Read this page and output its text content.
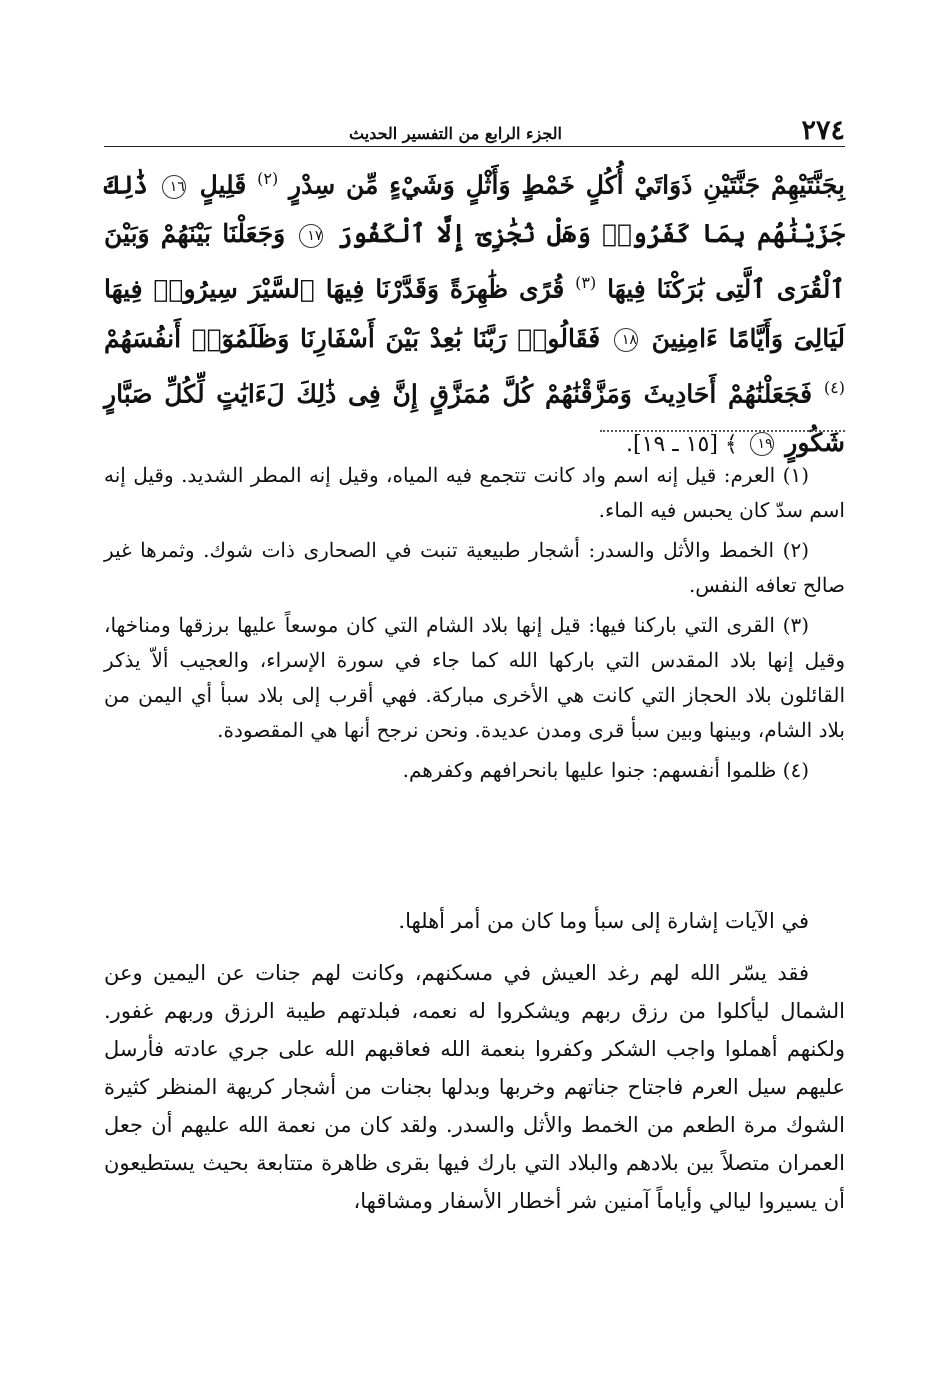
٢٧٤
الجزء الرابع من التفسير الحديث
بِجَنَّتَيْهِمْ جَنَّتَيْنِ ذَوَاتَيْ أُكُلٍ خَمْطٍ وَأَثْلٍ وَشَيْءٍ مِّن سِدْرٍ $^{(٢)}$ قَلِيلٍ ١٦ ذَٰلِكَ جَزَيْنَٰهُم بِمَا كَفَرُوا۟ وَهَلْ نُجَٰزِىٓ إِلَّا ٱلْكَفُورَ ١٧ وَجَعَلْنَا بَيْنَهُمْ وَبَيْنَ ٱلْقُرَى ٱلَّتِى بَٰرَكْنَا فِيهَا $^{(٣)}$ قُرًى ظَٰهِرَةً وَقَدَّرْنَا فِيهَا ٱلسَّيْرَ سِيرُوا۟ فِيهَا لَيَالِىَ وَأَيَّامًا ءَامِنِينَ ١٨ فَقَالُوا۟ رَبَّنَا بَٰعِدْ بَيْنَ أَسْفَارِنَا وَظَلَمُوٓا۟ أَنفُسَهُمْ $^{(٤)}$ فَجَعَلْنَٰهُمْ أَحَادِيثَ وَمَزَّقْنَٰهُمْ كُلَّ مُمَزَّقٍ إِنَّ فِى ذَٰلِكَ لَءَايَٰتٍ لِّكُلِّ صَبَّارٍ شَكُورٍ ١٩ ﴾ [١٥ ـ ١٩].

(١) العرم: قيل إنه اسم واد كانت تتجمع فيه المياه، وقيل إنه المطر الشديد. وقيل إنه اسم سدّ كان يحبس فيه الماء.

(٢) الخمط والأثل والسدر: أشجار طبيعية تنبت في الصحارى ذات شوك. وثمرها غير صالح تعافه النفس.

(٣) القرى التي باركنا فيها: قيل إنها بلاد الشام التي كان موسعاً عليها برزقها ومناخها، وقيل إنها بلاد المقدس التي باركها الله كما جاء في سورة الإسراء، والعجيب ألاّ يذكر القائلون بلاد الحجاز التي كانت هي الأخرى مباركة. فهي أقرب إلى بلاد سبأ أي اليمن من بلاد الشام، وبينها وبين سبأ قرى ومدن عديدة. ونحن نرجح أنها هي المقصودة.

(٤) ظلموا أنفسهم: جنوا عليها بانحرافهم وكفرهم.

في الآيات إشارة إلى سبأ وما كان من أمر أهلها.

فقد يسّر الله لهم رغد العيش في مسكنهم، وكانت لهم جنات عن اليمين وعن الشمال ليأكلوا من رزق ربهم ويشكروا له نعمه، فبلدتهم طيبة الرزق وربهم غفور. ولكنهم أهملوا واجب الشكر وكفروا بنعمة الله فعاقبهم الله على جري عادته فأرسل عليهم سيل العرم فاجتاح جناتهم وخربها وبدلها بجنات من أشجار كريهة المنظر كثيرة الشوك مرة الطعم من الخمط والأثل والسدر. ولقد كان من نعمة الله عليهم أن جعل العمران متصلاً بين بلادهم والبلاد التي بارك فيها بقرى ظاهرة متتابعة بحيث يستطيعون أن يسيروا ليالي وأياماً آمنين شر أخطار الأسفار ومشاقها،
